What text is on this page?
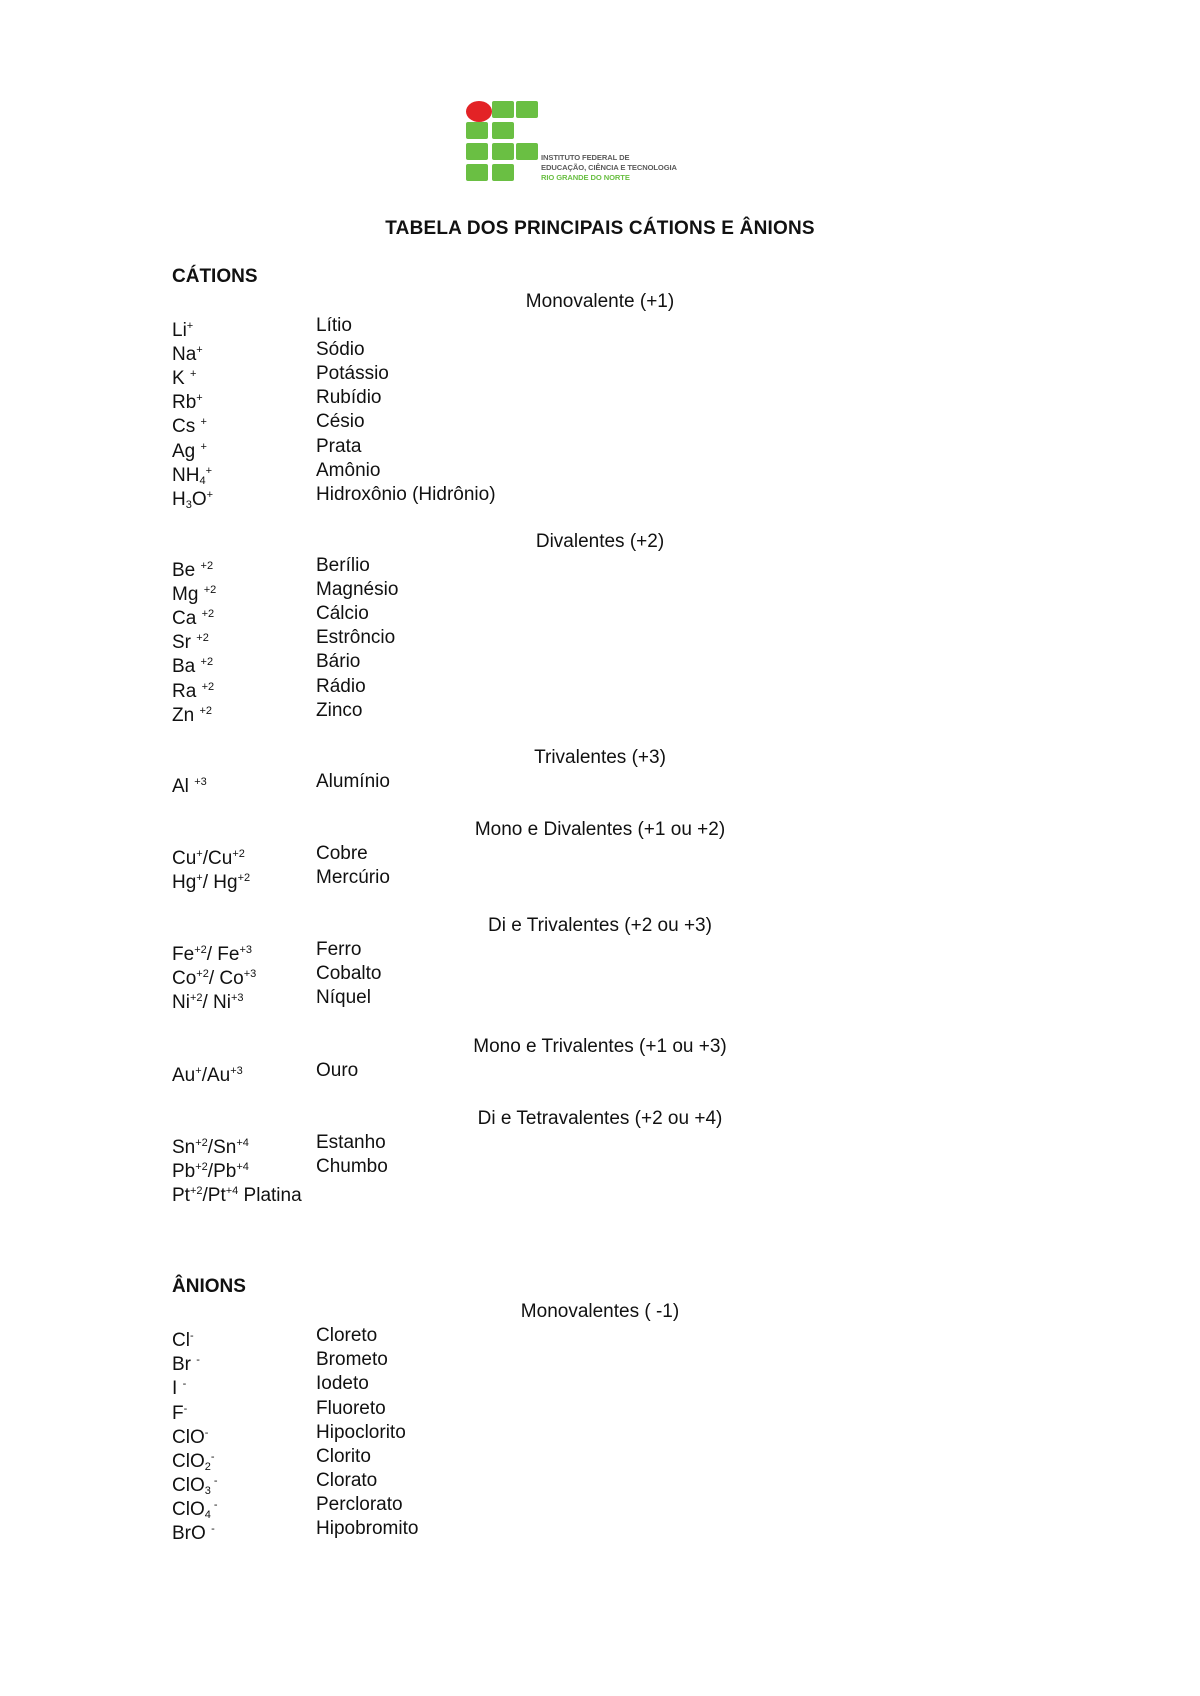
INSTITUTO FEDERAL DE
EDUCAÇÃO, CIÊNCIA E TECNOLOGIA
RIO GRANDE DO NORTE
TABELA DOS PRINCIPAIS CÁTIONS E ÂNIONS
CÁTIONS
Monovalente (+1)
Li+	Lítio
Na+	Sódio
K +	Potássio
Rb+	Rubídio
Cs +	Césio
Ag +	Prata
$NH_4^+$	Amônio
$H_3O^+$	Hidroxônio (Hidrônio)
Divalentes (+2)
Be $^{+2}$	Berílio
Mg $^{+2}$	Magnésio
Ca $^{+2}$	Cálcio
Sr $^{+2}$	Estrôncio
Ba $^{+2}$	Bário
Ra $^{+2}$	Rádio
Zn $^{+2}$	Zinco
Trivalentes (+3)
Al $^{+3}$	Alumínio
Mono e Divalentes (+1 ou +2)
$Cu^+/Cu^{+2}$	Cobre
Hg+/ $Hg^{+2}$	Mercúrio
Di e Trivalentes (+2 ou +3)
$Fe^{+2}/$ $Fe^{+3}$	Ferro
$Co^{+2}/$ $Co^{+3}$	Cobalto
$Ni^{+2}/$ $Ni^{+3}$	Níquel
Mono e Trivalentes (+1 ou +3)
$Au^+/Au^{+3}$	Ouro
Di e Tetravalentes (+2 ou +4)
$Sn^{+2}/Sn^{+4}$	Estanho
$Pb^{+2}/Pb^{+4}$	Chumbo
$Pt^{+2}/Pt^{+4}$ Platina
ÂNIONS
Monovalentes ( -1)
Cl-	Cloreto
Br -	Brometo
I -	Iodeto
F-	Fluoreto
ClO-	Hipoclorito
ClO$_2$-	Clorito
ClO$_3$ -	Clorato
ClO$_4$ -	Perclorato
BrO -	Hipobromito
